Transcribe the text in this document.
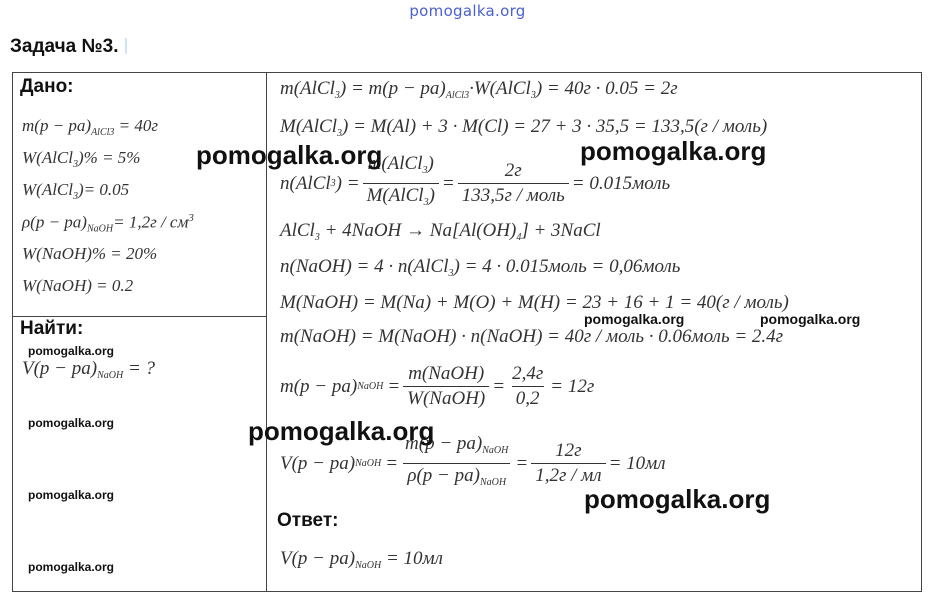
pomogalka.org
Задача №3.
Дано:
$m(p - pa)_{AlCl3} = 40г$
W(AlCl$_3$)% = 5%
W(AlCl$_3$)= 0.05
$\rho(p - pa)_{NaOH}= 1,2г / см^3$
W(NaOH)% = 20%
W(NaOH) = 0.2
Найти:
$V(p - pa)_{NaOH}$ = ?
m(AlCl$_3$) = $m(p - pa)_{AlCl3}\cdot W(AlCl_3) = 40г \cdot 0.05 = 2г$
M(AlCl$_3$) = M(Al) + 3 · M(Cl) = 27 + 3 · 35,5 = 133,5(г / моль)
n(AlCl 3 ) = $\frac{m(AlCl_3)}{M(AlCl_3)} = \frac{2г}{\text{133,5г / моль}}$ = 0.015моль
AlCl$_3$ + 4NaOH → $Na[Al(OH)_4]$ + 3NaCl
n(NaOH) = 4 · n(AlCl$_3$) = 4 · 0.015моль = 0,06моль
M(NaOH) = M(Na) + M(O) + M(H) = 23 + 16 + 1 = 40(г / моль)
m(NaOH) = M(NaOH) · n(NaOH) = 40г / моль · 0.06моль = 2.4г
m(p − pa) NaOH = $\frac{\text{m(NaOH)}}{\text{W(NaOH)}} = \frac{2,4г}{0,2} = 12г$
V(p − pa) NaOH = $\frac{m(p - pa)_{NaOH}}{\rho(p - pa)_{NaOH}} = \frac{12г}{1,2г / мл} = 10мл$
Ответ:
$V(p - pa)_{NaOH} = 10мл$
pomogalka.org	pomogalka.org
pomogalka.org	pomogalka.org
pomogalka.org
pomogalka.org	pomogalka.org
pomogalka.org	pomogalka.org
pomogalka.org
